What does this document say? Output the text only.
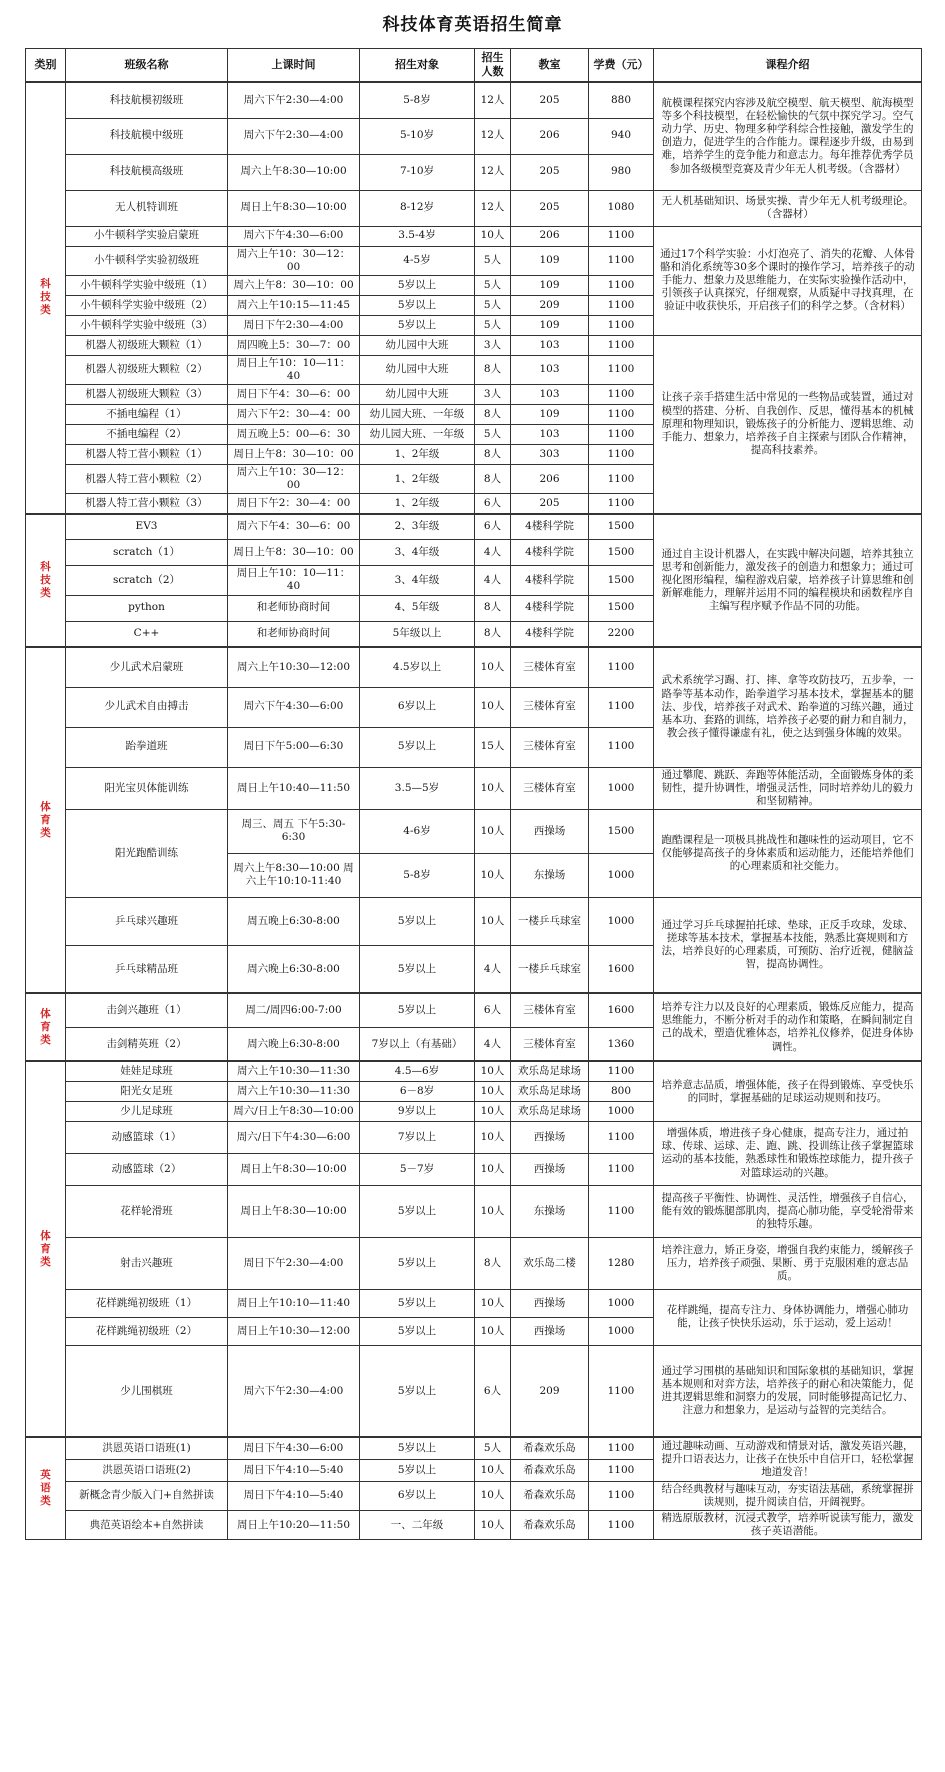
科技体育英语招生简章
类别	班级名称	上课时间	招生对象	招生人数	教室	学费（元）	课程介绍
科技类	科技航模初级班	周六下午2:30—4:00	5-8岁	12人	205	880	航模课程探究内容涉及航空模型、航天模型、航海模型等多个科技模型，在轻松愉快的气氛中探究学习。空气动力学、历史、物理多种学科综合性接触，激发学生的创造力，促进学生的合作能力。课程逐步升级，由易到难，培养学生的竞争能力和意志力。每年推荐优秀学员参加各级模型竞赛及青少年无人机考级。（含器材）
	科技航模中级班	周六下午2:30—4:00	5-10岁	12人	206	940	
	科技航模高级班	周六上午8:30—10:00	7-10岁	12人	205	980	
	无人机特训班	周日上午8:30—10:00	8-12岁	12人	205	1080	无人机基础知识、场景实操、青少年无人机考级理论。（含器材）
	小牛顿科学实验启蒙班	周六下午4:30—6:00	3.5-4岁	10人	206	1100	通过17个科学实验：小灯泡亮了、消失的花瓣、人体骨骼和消化系统等30多个课时的操作学习，培养孩子的动手能力、想象力及思维能力，在实际实验操作活动中，引领孩子认真探究，仔细观察，从质疑中寻找真理，在验证中收获快乐，开启孩子们的科学之梦。（含材料）
	小牛顿科学实验初级班	周六上午10：30—12：00	4-5岁	5人	109	1100	
	小牛顿科学实验中级班（1）	周六上午8：30—10：00	5岁以上	5人	109	1100	
	小牛顿科学实验中级班（2）	周六上午10:15—11:45	5岁以上	5人	209	1100	
	小牛顿科学实验中级班（3）	周日下午2:30—4:00	5岁以上	5人	109	1100	
	机器人初级班大颗粒（1）	周四晚上5：30—7：00	幼儿园中大班	3人	103	1100	让孩子亲手搭建生活中常见的一些物品或装置，通过对模型的搭建、分析、自我创作、反思，懂得基本的机械原理和物理知识，锻炼孩子的分析能力、逻辑思维、动手能力、想象力，培养孩子自主探索与团队合作精神，提高科技素养。
	机器人初级班大颗粒（2）	周日上午10：10—11：40	幼儿园中大班	8人	103	1100	
	机器人初级班大颗粒（3）	周日下午4：30—6：00	幼儿园中大班	3人	103	1100	
	不插电编程（1）	周六下午2：30—4：00	幼儿园大班、一年级	8人	109	1100	
	不插电编程（2）	周五晚上5：00—6：30	幼儿园大班、一年级	5人	103	1100	
	机器人特工营小颗粒（1）	周日上午8：30—10：00	1、2年级	8人	303	1100	
	机器人特工营小颗粒（2）	周六上午10：30—12：00	1、2年级	8人	206	1100	
	机器人特工营小颗粒（3）	周日下午2：30—4：00	1、2年级	6人	205	1100	
科技类	EV3	周六下午4：30—6：00	2、3年级	6人	4楼科学院	1500	通过自主设计机器人，在实践中解决问题，培养其独立思考和创新能力，激发孩子的创造力和想象力；通过可视化图形编程，编程游戏启蒙，培养孩子计算思维和创新解难能力，理解并运用不同的编程模块和函数程序自主编写程序赋予作品不同的功能。
	scratch（1）	周日上午8：30—10：00	3、4年级	4人	4楼科学院	1500	
	scratch（2）	周日上午10：10—11：40	3、4年级	4人	4楼科学院	1500	
	python	和老师协商时间	4、5年级	8人	4楼科学院	1500	
	C++	和老师协商时间	5年级以上	8人	4楼科学院	2200	
体育类	少儿武术启蒙班	周六上午10:30—12:00	4.5岁以上	10人	三楼体育室	1100	武术系统学习踢、打、摔、拿等攻防技巧，五步拳，一路拳等基本动作，跆拳道学习基本技术，掌握基本的腿法、步伐，培养孩子对武术、跆拳道的习练兴趣，通过基本功、套路的训练，培养孩子必要的耐力和自制力，教会孩子懂得谦虚有礼，使之达到强身体魄的效果。
	少儿武术自由搏击	周六下午4:30—6:00	6岁以上	10人	三楼体育室	1100	
	跆拳道班	周日下午5:00—6:30	5岁以上	15人	三楼体育室	1100	
	阳光宝贝体能训练	周日上午10:40—11:50	3.5—5岁	10人	三楼体育室	1000	通过攀爬、跳跃、奔跑等体能活动，全面锻炼身体的柔韧性，提升协调性，增强灵活性，同时培养幼儿的毅力和坚韧精神。
	阳光跑酷训练	周三、周五 下午5:30-6:30	4-6岁	10人	西操场	1500	跑酷课程是一项极具挑战性和趣味性的运动项目，它不仅能够提高孩子的身体素质和运动能力，还能培养他们的心理素质和社交能力。
		周六上午8:30—10:00 周六上午10:10-11:40	5-8岁	10人	东操场	1000	
	乒乓球兴趣班	周五晚上6:30-8:00	5岁以上	10人	一楼乒乓球室	1000	通过学习乒乓球握拍托球、垫球，正反手攻球，发球、搓球等基本技术，掌握基本技能，熟悉比赛规则和方法，培养良好的心理素质，可预防、治疗近视，健脑益智，提高协调性。
	乒乓球精品班	周六晚上6:30-8:00	5岁以上	4人	一楼乒乓球室	1600	
体育类	击剑兴趣班（1）	周二/周四6:00-7:00	5岁以上	6人	三楼体育室	1600	培养专注力以及良好的心理素质，锻炼反应能力，提高思维能力，不断分析对手的动作和策略，在瞬间制定自己的战术，塑造优雅体态，培养礼仪修养，促进身体协调性。
	击剑精英班（2）	周六晚上6:30-8:00	7岁以上（有基础）	4人	三楼体育室	1360	
体育类	娃娃足球班	周六上午10:30—11:30	4.5—6岁	10人	欢乐岛足球场	1100	培养意志品质，增强体能，孩子在得到锻炼、享受快乐的同时，掌握基础的足球运动规则和技巧。
	阳光女足班	周六上午10:30—11:30	6－8岁	10人	欢乐岛足球场	800	
	少儿足球班	周六/日上午8:30—10:00	9岁以上	10人	欢乐岛足球场	1000	
	动感篮球（1）	周六/日下午4:30—6:00	7岁以上	10人	西操场	1100	增强体质，增进孩子身心健康，提高专注力，通过拍球、传球、运球、走、跑、跳、投训练让孩子掌握篮球运动的基本技能，熟悉球性和锻炼控球能力，提升孩子对篮球运动的兴趣。
	动感篮球（2）	周日上午8:30—10:00	5－7岁	10人	西操场	1100	
	花样轮滑班	周日上午8:30—10:00	5岁以上	10人	东操场	1100	提高孩子平衡性、协调性、灵活性，增强孩子自信心，能有效的锻炼腿部肌肉，提高心肺功能，享受轮滑带来的独特乐趣。
	射击兴趣班	周日下午2:30—4:00	5岁以上	8人	欢乐岛二楼	1280	培养注意力，矫正身姿，增强自我约束能力，缓解孩子压力，培养孩子顽强、果断、勇于克服困难的意志品质。
	花样跳绳初级班（1）	周日上午10:10—11:40	5岁以上	10人	西操场	1000	花样跳绳，提高专注力、身体协调能力，增强心肺功能，让孩子快快乐运动，乐于运动，爱上运动！
	花样跳绳初级班（2）	周日上午10:30—12:00	5岁以上	10人	西操场	1000	
	少儿围棋班	周六下午2:30—4:00	5岁以上	6人	209	1100	通过学习围棋的基础知识和国际象棋的基础知识，掌握基本规则和对弈方法，培养孩子的耐心和决策能力，促进其逻辑思维和洞察力的发展，同时能够提高记忆力、注意力和想象力，是运动与益智的完美结合。
英语类	洪恩英语口语班(1)	周日下午4:30—6:00	5岁以上	5人	希森欢乐岛	1100	通过趣味动画、互动游戏和情景对话，激发英语兴趣，提升口语表达力，让孩子在快乐中自信开口，轻松掌握地道发音！
	洪恩英语口语班(2)	周日下午4:10—5:40	5岁以上	10人	希森欢乐岛	1100	
	新概念青少版入门+自然拼读	周日下午4:10—5:40	6岁以上	10人	希森欢乐岛	1100	结合经典教材与趣味互动，夯实语法基础，系统掌握拼读规则，提升阅读自信，开阔视野。
	典范英语绘本+自然拼读	周日上午10:20—11:50	一、二年级	10人	希森欢乐岛	1100	精选原版教材，沉浸式教学，培养听说读写能力，激发孩子英语潜能。
